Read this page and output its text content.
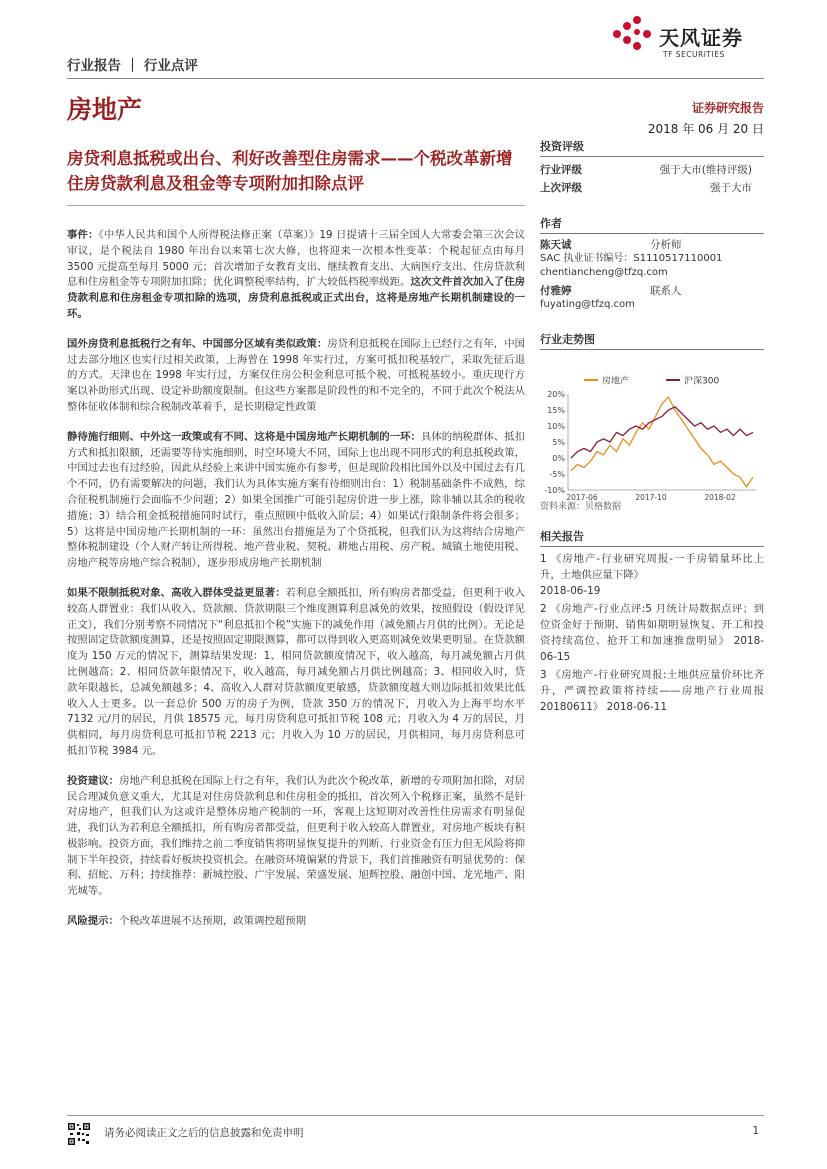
天风证券
TF SECURITIES
行业报告 ｜ 行业点评
房地产	证券研究报告
2018 年 06 月 20 日
房贷利息抵税或出台、利好改善型住房需求——个税改革新增住房贷款利息及租金等专项附加扣除点评

事件：《中华人民共和国个人所得税法修正案（草案）》19 日提请十三届全国人大常委会第三次会议审议，是个税法自 1980 年出台以来第七次大修，也将迎来一次根本性变革：个税起征点由每月 3500 元提高至每月 5000 元；首次增加子女教育支出、继续教育支出、大病医疗支出、住房贷款利息和住房租金等专项附加扣除；优化调整税率结构，扩大较低档税率级距。这次文件首次加入了住房贷款利息和住房租金专项扣除的选项，房贷利息抵税或正式出台，这将是房地产长期机制建设的一环。

国外房贷利息抵税行之有年、中国部分区域有类似政策：房贷利息抵税在国际上已经行之有年，中国过去部分地区也实行过相关政策，上海曾在 1998 年实行过，方案可抵扣税基较广，采取先征后退的方式。天津也在 1998 年实行过，方案仅住房公积金利息可抵个税、可抵税基较小。重庆现行方案以补助形式出现、设定补助额度限制。但这些方案都是阶段性的和不完全的，不同于此次个税法从整体征收体制和综合税制改革着手，是长期稳定性政策

静待施行细则、中外这一政策或有不同、这将是中国房地产长期机制的一环：具体的纳税群体、抵扣方式和抵扣限额，还需要等待实施细则，时空环境大不同，国际上也出现不同形式的利息抵税政策，中国过去也有过经验，因此从经验上来讲中国实施亦有参考，但是现阶段相比国外以及中国过去有几个不同，仍有需要解决的问题，我们认为具体实施方案有待细则出台：1）税制基础条件不成熟，综合征税机制施行会面临不少问题；2）如果全国推广可能引起房价进一步上涨，除非辅以其余的税收措施；3）结合租金抵税措施同时试行，重点照顾中低收入阶层；4）如果试行限制条件将会很多；5）这将是中国房地产长期机制的一环：虽然出台措施是为了个贷抵税，但我们认为这将结合房地产整体税制建设（个人财产转让所得税、地产营业税、契税、耕地占用税、房产税、城镇土地使用税、房地产税等房地产综合税制），逐步形成房地产长期机制

如果不限制抵税对象、高收入群体受益更显著：若利息全额抵扣，所有购房者都受益，但更利于收入较高人群置业：我们从收入、贷款额、贷款期限三个维度测算利息减免的效果，按照假设（假设详见正文），我们分别考察不同情况下“利息抵扣个税”实施下的减免作用（减免额占月供的比例）。无论是按照固定贷款额度测算，还是按照固定期限测算，都可以得到收入更高则减免效果更明显。在贷款额度为 150 万元的情况下，测算结果发现：1、相同贷款额度情况下，收入越高，每月减免额占月供比例越高；2、相同贷款年限情况下，收入越高，每月减免额占月供比例越高；3、相同收入时，贷款年限越长，总减免额越多；4、高收入人群对贷款额度更敏感，贷款额度越大则边际抵扣效果比低收入人士更多。以一套总价 500 万的房子为例，贷款 350 万的情况下，月收入为上海平均水平 7132 元/月的居民，月供 18575 元，每月房贷利息可抵扣节税 108 元；月收入为 4 万的居民，月供相同，每月房贷利息可抵扣节税 2213 元；月收入为 10 万的居民，月供相同，每月房贷利息可抵扣节税 3984 元。

投资建议：房地产利息抵税在国际上行之有年，我们认为此次个税改革，新增的专项附加扣除，对居民合理减负意义重大，尤其是对住房贷款利息和住房租金的抵扣，首次列入个税修正案，虽然不是针对房地产，但我们认为这或许是整体房地产税制的一环，客观上这短期对改善性住房需求有明显促进，我们认为若利息全额抵扣，所有购房者都受益，但更利于收入较高人群置业，对房地产板块有积极影响。投资方面，我们维持之前二季度销售将明显恢复提升的判断、行业资金有压力但无风险将抑制下半年投资，持续看好板块投资机会。在融资环境偏紧的背景下，我们首推融资有明显优势的：保利、招蛇、万科；持续推荐：新城控股、广宇发展、荣盛发展、旭辉控股、融创中国、龙光地产、阳光城等。

风险提示：个税改革进展不达预期，政策调控超预期

投资评级
行业评级	强于大市(维持评级)
上次评级	强于大市
作者
陈天诚	分析师
SAC 执业证书编号：S1110517110001
chentiancheng@tfzq.com
付雅婷	联系人
fuyating@tfzq.com
行业走势图
房地产	沪深300
20%
15%
10%
5%
0%
-5%
-10%
2017-06	2017-10	2018-02
资料来源：贝格数据
相关报告
1 《房地产-行业研究周报-一手房销量环比上升，土地供应量下降》
2018-06-19
2 《房地产-行业点评:5 月统计局数据点评；到位资金好于预期、销售如期明显恢复、开工和投资持续高位、抢开工和加速推盘明显》 2018-06-15
3 《房地产-行业研究周报:土地供应量价环比齐升，严调控政策将持续——房地产行业周报 20180611》 2018-06-11
请务必阅读正文之后的信息披露和免责申明	1
